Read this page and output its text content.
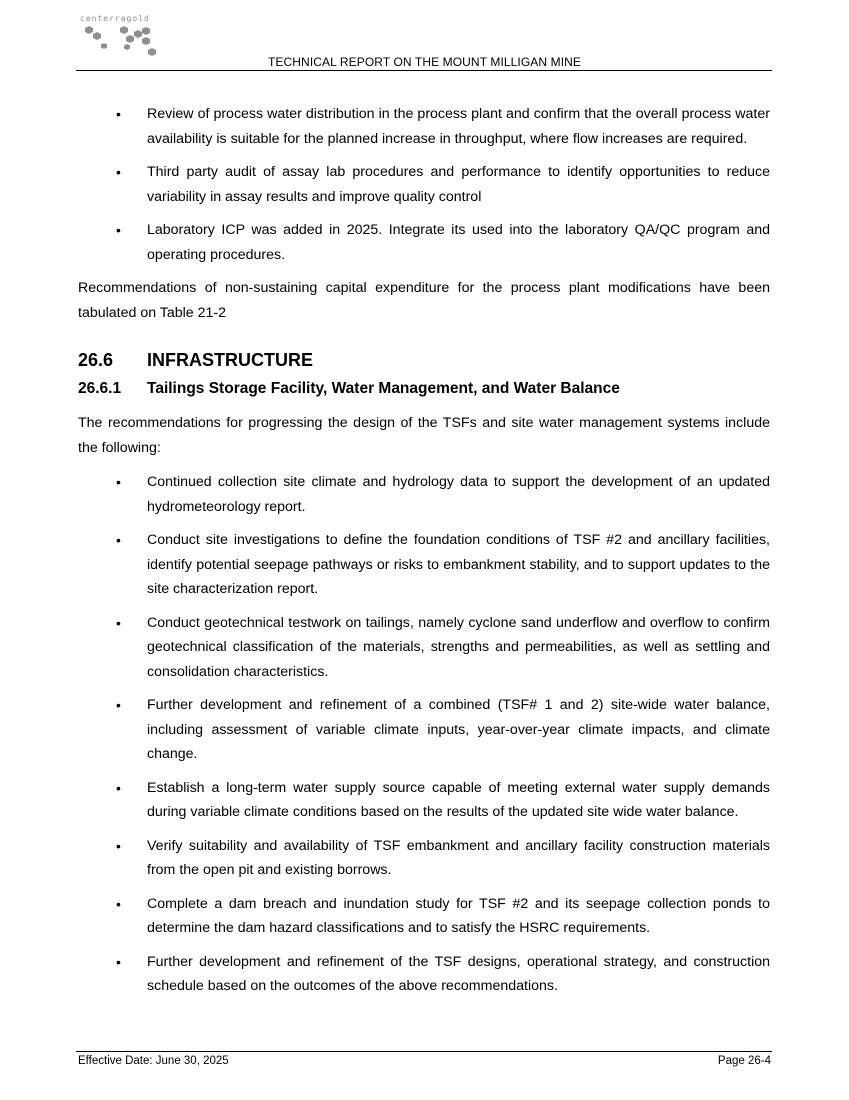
centerragold
TECHNICAL REPORT ON THE MOUNT MILLIGAN MINE
• Review of process water distribution in the process plant and confirm that the overall process water availability is suitable for the planned increase in throughput, where flow increases are required.
• Third party audit of assay lab procedures and performance to identify opportunities to reduce variability in assay results and improve quality control
• Laboratory ICP was added in 2025. Integrate its used into the laboratory QA/QC program and operating procedures.

Recommendations of non-sustaining capital expenditure for the process plant modifications have been tabulated on Table 21-2

26.6 INFRASTRUCTURE
26.6.1 Tailings Storage Facility, Water Management, and Water Balance

The recommendations for progressing the design of the TSFs and site water management systems include the following:

• Continued collection site climate and hydrology data to support the development of an updated hydrometeorology report.
• Conduct site investigations to define the foundation conditions of TSF #2 and ancillary facilities, identify potential seepage pathways or risks to embankment stability, and to support updates to the site characterization report.
• Conduct geotechnical testwork on tailings, namely cyclone sand underflow and overflow to confirm geotechnical classification of the materials, strengths and permeabilities, as well as settling and consolidation characteristics.
• Further development and refinement of a combined (TSF# 1 and 2) site-wide water balance, including assessment of variable climate inputs, year-over-year climate impacts, and climate change.
• Establish a long-term water supply source capable of meeting external water supply demands during variable climate conditions based on the results of the updated site wide water balance.
• Verify suitability and availability of TSF embankment and ancillary facility construction materials from the open pit and existing borrows.
• Complete a dam breach and inundation study for TSF #2 and its seepage collection ponds to determine the dam hazard classifications and to satisfy the HSRC requirements.
• Further development and refinement of the TSF designs, operational strategy, and construction schedule based on the outcomes of the above recommendations.
Effective Date: June 30, 2025	Page 26-4
